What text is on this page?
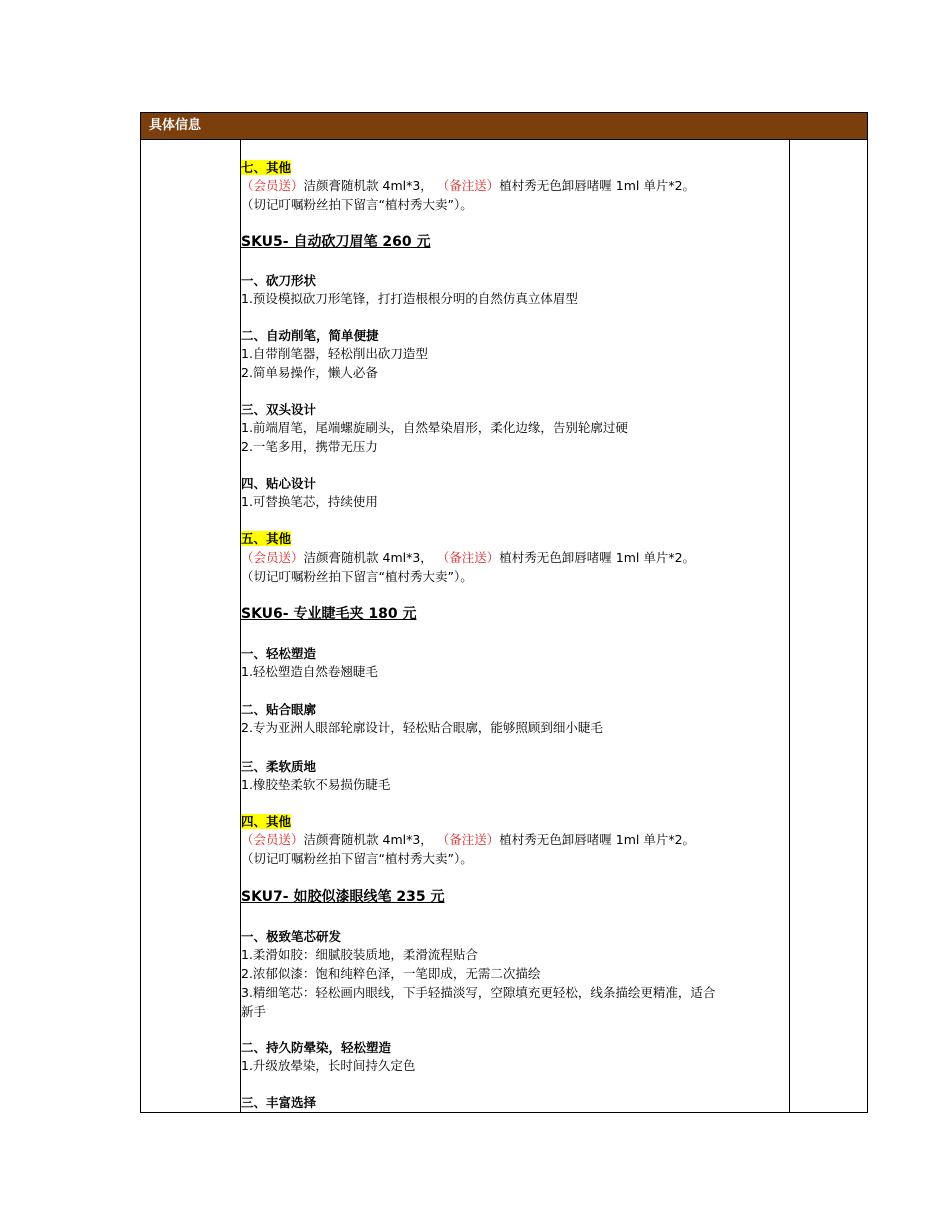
具体信息
七、其他
（会员送）洁颜膏随机款 4ml*3， （备注送）植村秀无色卸唇啫喱 1ml 单片*2。
（切记叮嘱粉丝拍下留言“植村秀大卖”）。
SKU5- 自动砍刀眉笔 260 元
一、砍刀形状
1.预设模拟砍刀形笔锋，打打造根根分明的自然仿真立体眉型
二、自动削笔，简单便捷
1.自带削笔器，轻松削出砍刀造型
2.简单易操作，懒人必备
三、双头设计
1.前端眉笔，尾端螺旋刷头，自然晕染眉形，柔化边缘，告别轮廓过硬
2.一笔多用，携带无压力
四、贴心设计
1.可替换笔芯，持续使用
五、其他
（会员送）洁颜膏随机款 4ml*3， （备注送）植村秀无色卸唇啫喱 1ml 单片*2。
（切记叮嘱粉丝拍下留言“植村秀大卖”）。
SKU6- 专业睫毛夹 180 元
一、轻松塑造
1.轻松塑造自然卷翘睫毛
二、贴合眼廓
2.专为亚洲人眼部轮廓设计，轻松贴合眼廓，能够照顾到细小睫毛
三、柔软质地
1.橡胶垫柔软不易损伤睫毛
四、其他
（会员送）洁颜膏随机款 4ml*3， （备注送）植村秀无色卸唇啫喱 1ml 单片*2。
（切记叮嘱粉丝拍下留言“植村秀大卖”）。
SKU7- 如胶似漆眼线笔 235 元
一、极致笔芯研发
1.柔滑如胶：细腻胶装质地，柔滑流程贴合
2.浓郁似漆：饱和纯粹色泽，一笔即成，无需二次描绘
3.精细笔芯：轻松画内眼线，下手轻描淡写，空隙填充更轻松，线条描绘更精准，适合
新手
二、持久防晕染，轻松塑造
1.升级放晕染，长时间持久定色
三、丰富选择
